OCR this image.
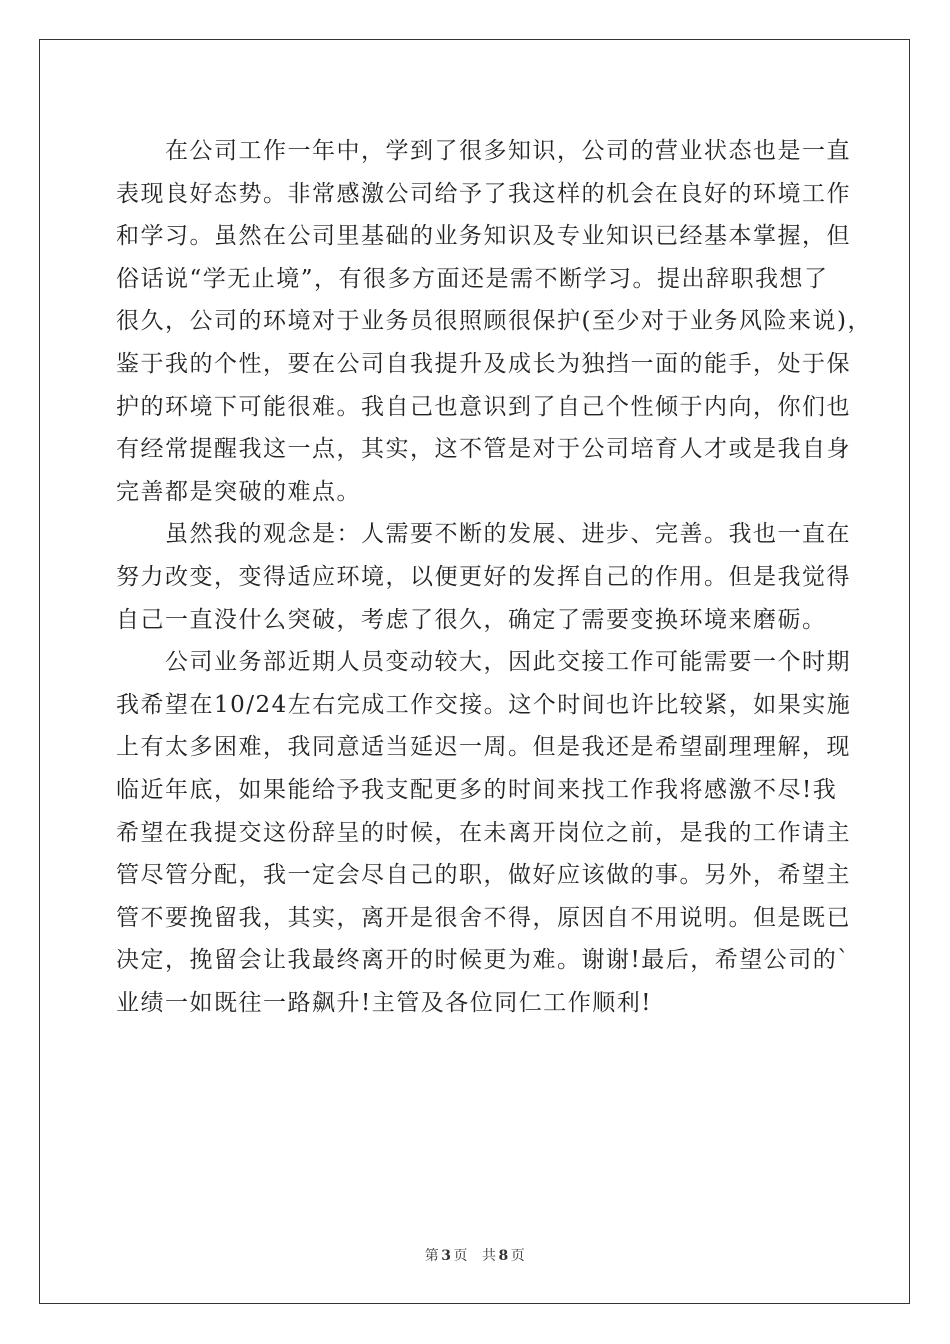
在公司工作一年中，学到了很多知识，公司的营业状态也是一直
表现良好态势。非常感激公司给予了我这样的机会在良好的环境工作
和学习。虽然在公司里基础的业务知识及专业知识已经基本掌握，但
俗话说“学无止境”，有很多方面还是需不断学习。提出辞职我想了
很久，公司的环境对于业务员很照顾很保护(至少对于业务风险来说)，
鉴于我的个性，要在公司自我提升及成长为独挡一面的能手，处于保
护的环境下可能很难。我自己也意识到了自己个性倾于内向，你们也
有经常提醒我这一点，其实，这不管是对于公司培育人才或是我自身
完善都是突破的难点。

虽然我的观念是：人需要不断的发展、进步、完善。我也一直在
努力改变，变得适应环境，以便更好的发挥自己的作用。但是我觉得
自己一直没什么突破，考虑了很久，确定了需要变换环境来磨砺。

公司业务部近期人员变动较大，因此交接工作可能需要一个时期
我希望在10/24左右完成工作交接。这个时间也许比较紧，如果实施
上有太多困难，我同意适当延迟一周。但是我还是希望副理理解，现
临近年底，如果能给予我支配更多的时间来找工作我将感激不尽!我
希望在我提交这份辞呈的时候，在未离开岗位之前，是我的工作请主
管尽管分配，我一定会尽自己的职，做好应该做的事。另外，希望主
管不要挽留我，其实，离开是很舍不得，原因自不用说明。但是既已
决定，挽留会让我最终离开的时候更为难。谢谢!最后，希望公司的`
业绩一如既往一路飙升!主管及各位同仁工作顺利!

第 3 页 共 8 页
